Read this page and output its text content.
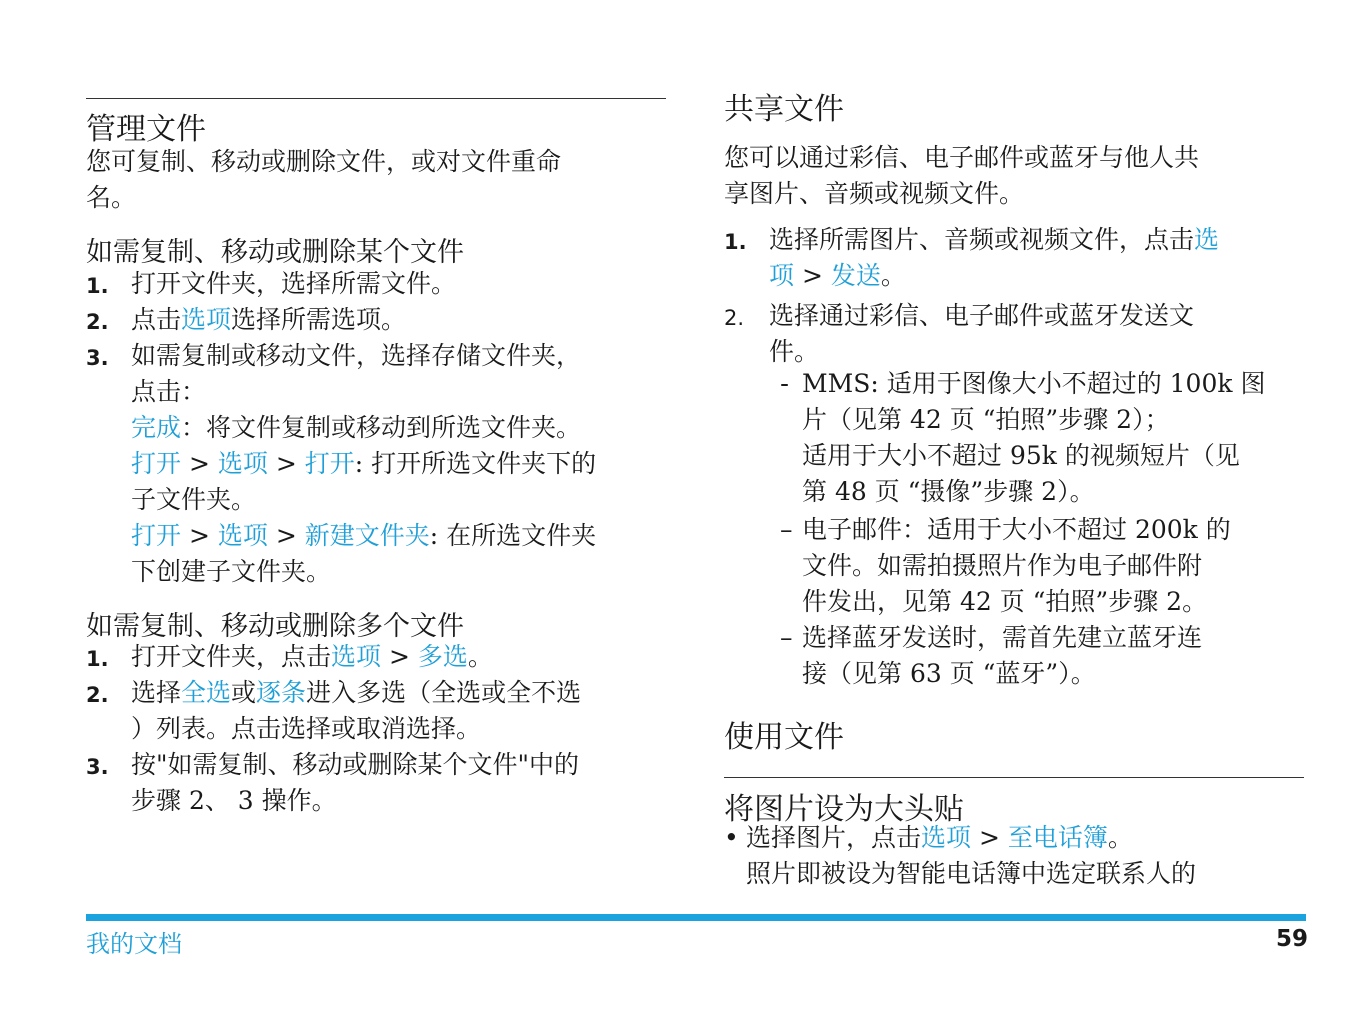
管理文件
您可复制、移动或删除文件，或对文件重命
名。
如需复制、移动或删除某个文件
1. 打开文件夹，选择所需文件。
2. 点击选项选择所需选项。
3. 如需复制或移动文件，选择存储文件夹，
点击：
完成：将文件复制或移动到所选文件夹。
打开 > 选项 > 打开: 打开所选文件夹下的
子文件夹。
打开 > 选项 > 新建文件夹: 在所选文件夹
下创建子文件夹。
如需复制、移动或删除多个文件
1. 打开文件夹，点击选项 > 多选。
2. 选择全选或逐条进入多选（全选或全不选
）列表。点击选择或取消选择。
3. 按"如需复制、移动或删除某个文件"中的
步骤 2、 3 操作。
共享文件
您可以通过彩信、电子邮件或蓝牙与他人共
享图片、音频或视频文件。
1. 选择所需图片、音频或视频文件，点击选
项 > 发送。
2. 选择通过彩信、电子邮件或蓝牙发送文
件。
- MMS: 适用于图像大小不超过的 100k 图
片（见第 42 页 “拍照”步骤 2）；
适用于大小不超过 95k 的视频短片（见
第 48 页 “摄像”步骤 2）。
– 电子邮件：适用于大小不超过 200k 的
文件。如需拍摄照片作为电子邮件附
件发出，见第 42 页 “拍照”步骤 2。
– 选择蓝牙发送时，需首先建立蓝牙连
接（见第 63 页 “蓝牙”）。
使用文件
将图片设为大头贴
• 选择图片，点击选项 > 至电话簿。
照片即被设为智能电话簿中选定联系人的
我的文档	59
